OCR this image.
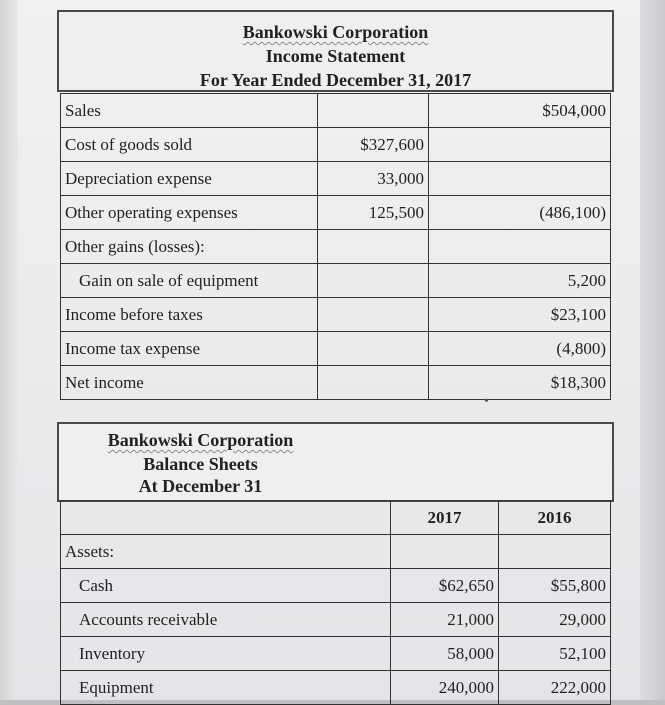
Bankowski Corporation
Income Statement
For Year Ended December 31, 2017
Sales		$504,000
Cost of goods sold	$327,600	
Depreciation expense	33,000	
Other operating expenses	125,500	(486,100)
Other gains (losses):		
Gain on sale of equipment		5,200
Income before taxes		$23,100
Income tax expense		(4,800)
Net income		$18,300
•
Bankowski Corporation
Balance Sheets
At December 31
	2017	2016
Assets:		
Cash	$62,650	$55,800
Accounts receivable	21,000	29,000
Inventory	58,000	52,100
Equipment	240,000	222,000
